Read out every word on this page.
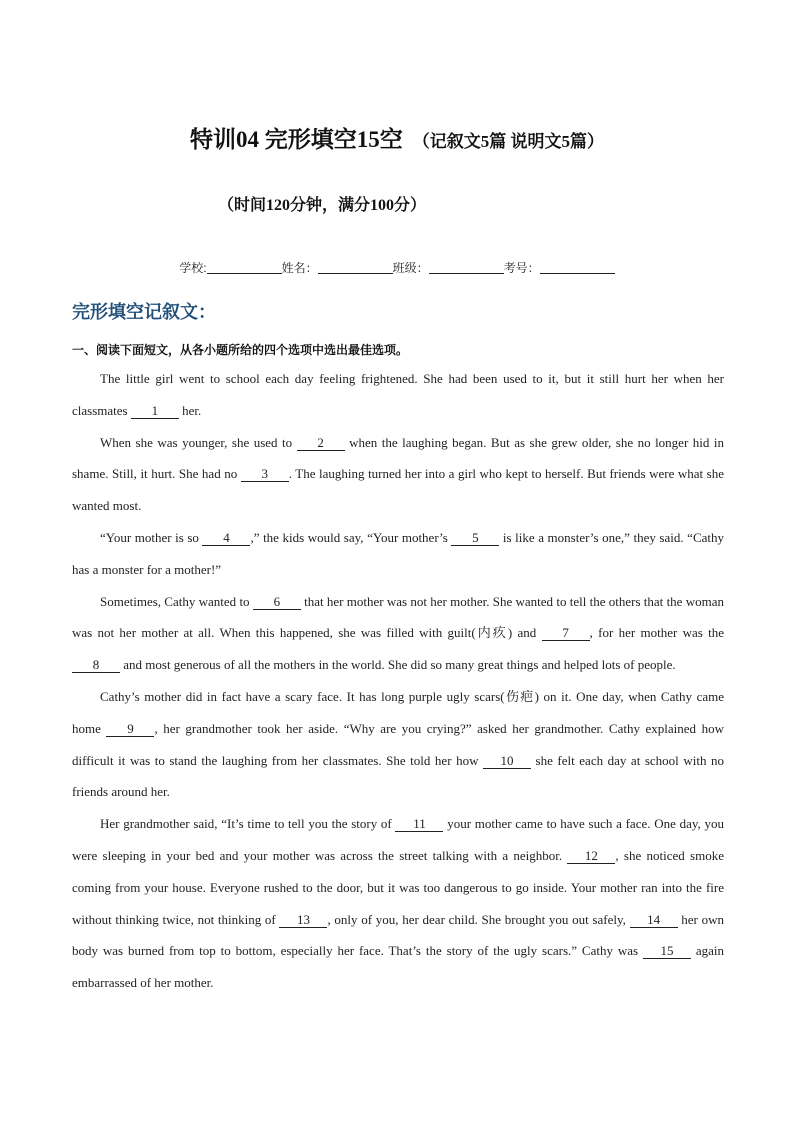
特训04 完形填空15空 （记叙文5篇 说明文5篇）
（时间120分钟，满分100分）
学校:	姓名：	班级：	考号：
完形填空记叙文：
一、阅读下面短文，从各小题所给的四个选项中选出最佳选项。

The little girl went to school each day feeling frightened. She had been used to it, but it still hurt her when her classmates 1 her.

When she was younger, she used to 2 when the laughing began. But as she grew older, she no longer hid in shame. Still, it hurt. She had no 3 . The laughing turned her into a girl who kept to herself. But friends were what she wanted most.

“Your mother is so 4 ,” the kids would say, “Your mother’s 5 is like a monster’s one,” they said. “Cathy has a monster for a mother!”

Sometimes, Cathy wanted to 6 that her mother was not her mother. She wanted to tell the others that the woman was not her mother at all. When this happened, she was filled with guilt(内疚) and 7 , for her mother was the 8 and most generous of all the mothers in the world. She did so many great things and helped lots of people.

Cathy’s mother did in fact have a scary face. It has long purple ugly scars(伤疤) on it. One day, when Cathy came home 9 , her grandmother took her aside. “Why are you crying?” asked her grandmother. Cathy explained how difficult it was to stand the laughing from her classmates. She told her how 10 she felt each day at school with no friends around her.

Her grandmother said, “It’s time to tell you the story of 11 your mother came to have such a face. One day, you were sleeping in your bed and your mother was across the street talking with a neighbor. 12 , she noticed smoke coming from your house. Everyone rushed to the door, but it was too dangerous to go inside. Your mother ran into the fire without thinking twice, not thinking of 13 , only of you, her dear child. She brought you out safely, 14 her own body was burned from top to bottom, especially her face. That’s the story of the ugly scars.” Cathy was 15 again embarrassed of her mother.
